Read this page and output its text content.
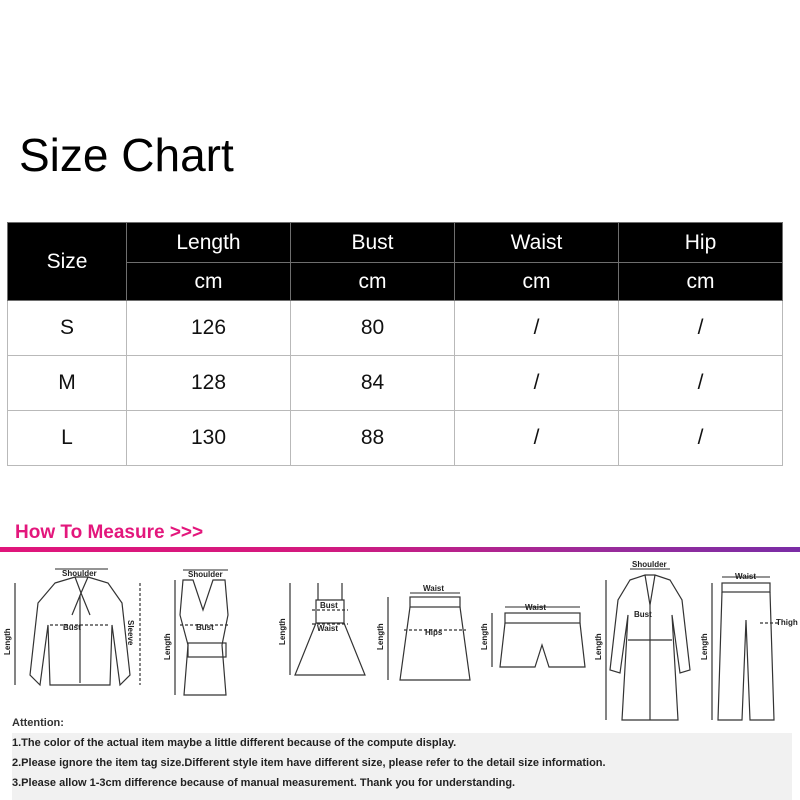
Size Chart
Size	Length	Bust	Waist	Hip
	cm	cm	cm	cm
S	126	80	/	/
M	128	84	/	/
L	130	88	/	/
How To Measure >>>
Shoulder
Bust
Length	Sleeve
Shoulder
Bust
Length
Bust
Waist
Length
Waist
Hips
Length
Waist
Length
Shoulder
Bust
Length
Waist
Thigh
Length
Attention:
1.The color of the actual item maybe a little different because of the compute display.
2.Please ignore the item tag size.Different style item have different size, please refer to the detail size information.
3.Please allow 1-3cm difference because of manual measurement. Thank you for understanding.
